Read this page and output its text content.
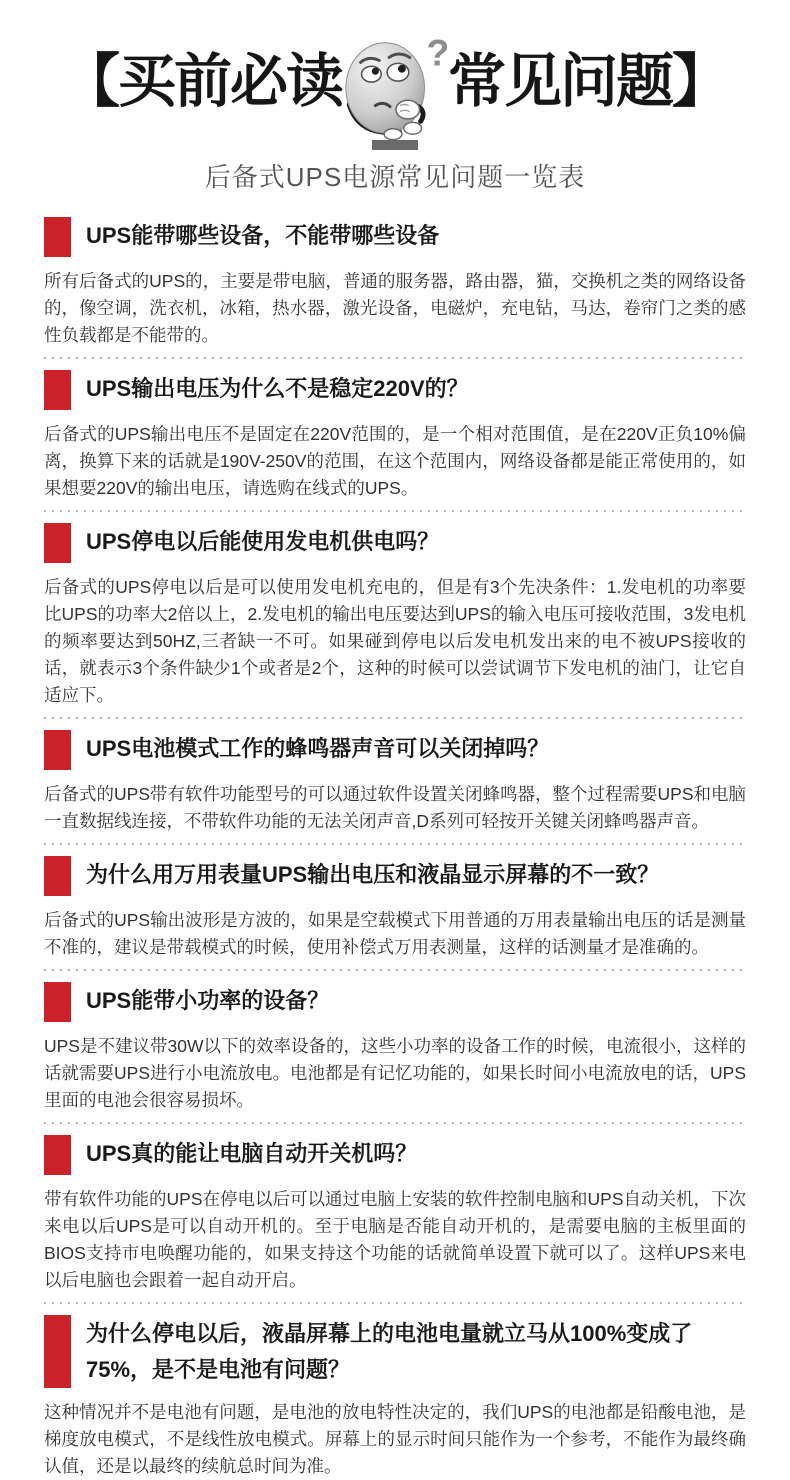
【买前必读 ?
常见问题】
后备式UPS电源常见问题一览表
UPS能带哪些设备，不能带哪些设备
所有后备式的UPS的，主要是带电脑，普通的服务器，路由器，猫，交换机之类的网络设备的，像空调，洗衣机，冰箱，热水器，激光设备，电磁炉，充电钻，马达，卷帘门之类的感性负载都是不能带的。
UPS输出电压为什么不是稳定220V的？
后备式的UPS输出电压不是固定在220V范围的，是一个相对范围值，是在220V正负10%偏离，换算下来的话就是190V-250V的范围，在这个范围内，网络设备都是能正常使用的，如果想要220V的输出电压，请选购在线式的UPS。
UPS停电以后能使用发电机供电吗？
后备式的UPS停电以后是可以使用发电机充电的，但是有3个先决条件：1.发电机的功率要比UPS的功率大2倍以上，2.发电机的输出电压要达到UPS的输入电压可接收范围，3发电机的频率要达到50HZ,三者缺一不可。如果碰到停电以后发电机发出来的电不被UPS接收的话，就表示3个条件缺少1个或者是2个，这种的时候可以尝试调节下发电机的油门，让它自适应下。
UPS电池模式工作的蜂鸣器声音可以关闭掉吗？
后备式的UPS带有软件功能型号的可以通过软件设置关闭蜂鸣器，整个过程需要UPS和电脑一直数据线连接，不带软件功能的无法关闭声音,D系列可轻按开关键关闭蜂鸣器声音。
为什么用万用表量UPS输出电压和液晶显示屏幕的不一致？
后备式的UPS输出波形是方波的，如果是空载模式下用普通的万用表量输出电压的话是测量不准的，建议是带载模式的时候，使用补偿式万用表测量，这样的话测量才是准确的。
UPS能带小功率的设备？
UPS是不建议带30W以下的效率设备的，这些小功率的设备工作的时候，电流很小，这样的话就需要UPS进行小电流放电。电池都是有记忆功能的，如果长时间小电流放电的话，UPS里面的电池会很容易损坏。
UPS真的能让电脑自动开关机吗？
带有软件功能的UPS在停电以后可以通过电脑上安装的软件控制电脑和UPS自动关机，下次来电以后UPS是可以自动开机的。至于电脑是否能自动开机的，是需要电脑的主板里面的BIOS支持市电唤醒功能的，如果支持这个功能的话就简单设置下就可以了。这样UPS来电以后电脑也会跟着一起自动开启。
为什么停电以后，液晶屏幕上的电池电量就立马从100%变成了75%，是不是电池有问题？
这种情况并不是电池有问题，是电池的放电特性决定的，我们UPS的电池都是铅酸电池，是梯度放电模式，不是线性放电模式。屏幕上的显示时间只能作为一个参考，不能作为最终确认值，还是以最终的续航总时间为准。
